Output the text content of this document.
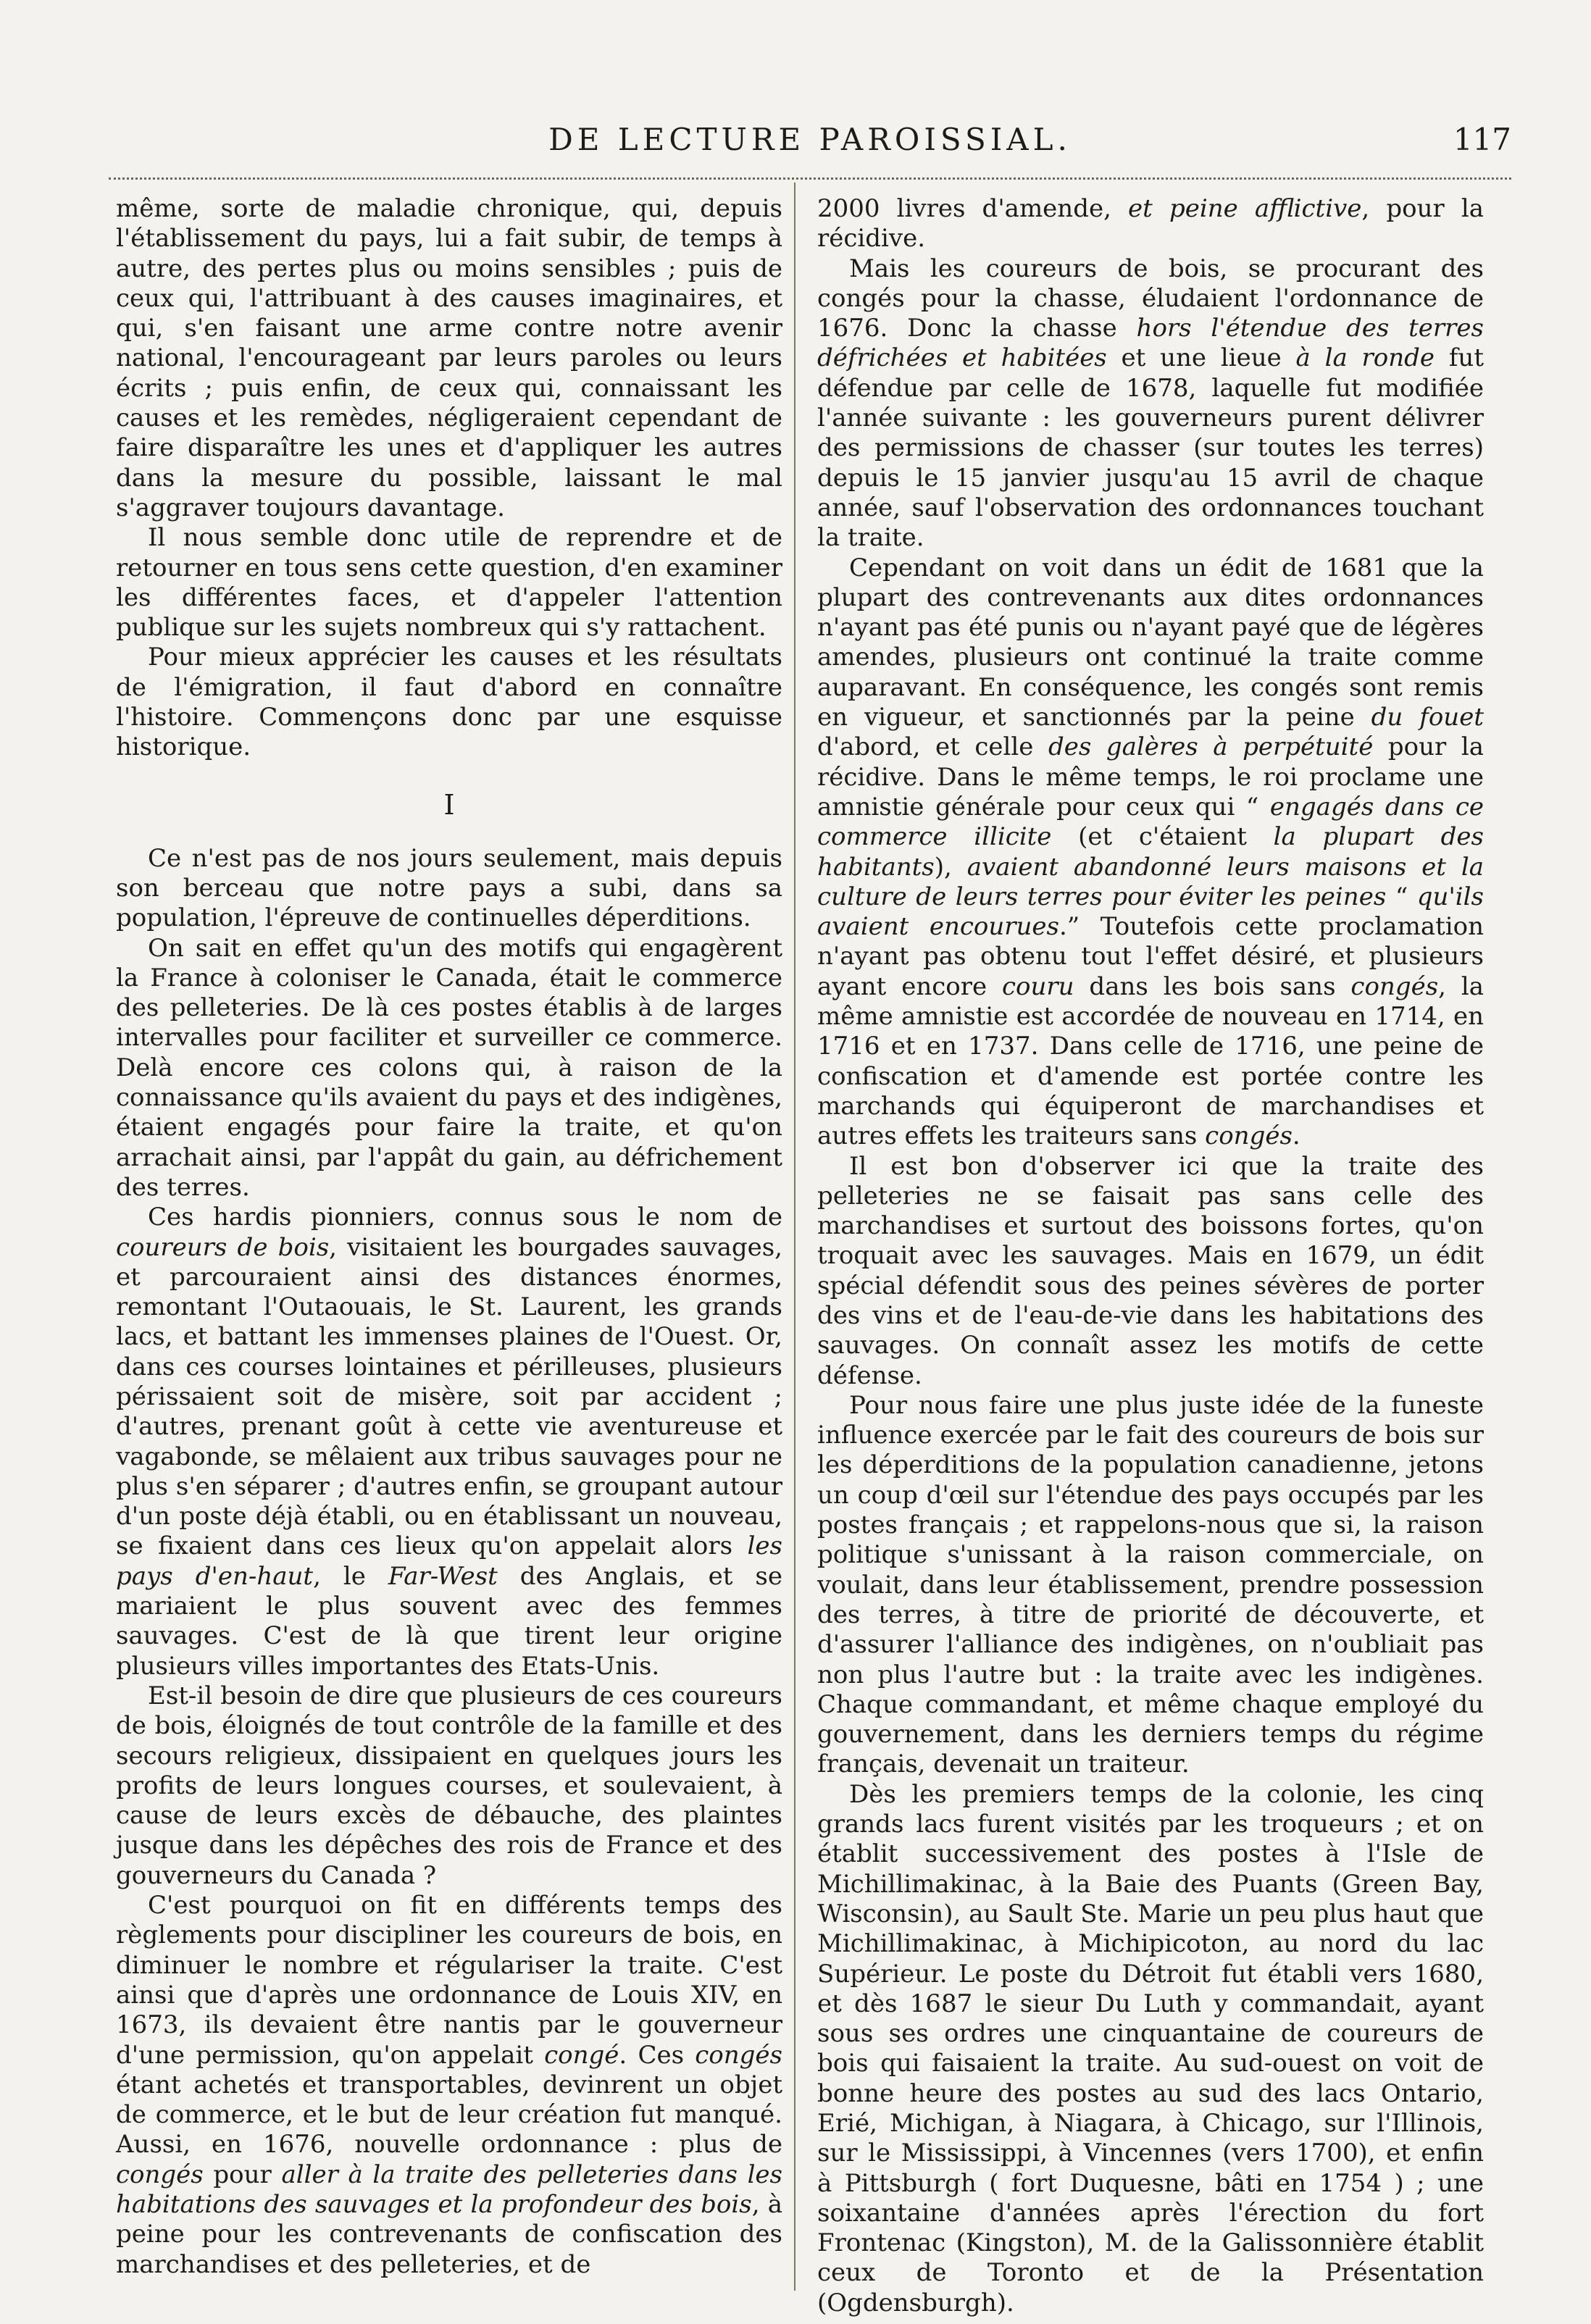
DE LECTURE PAROISSIAL.	117

même, sorte de maladie chronique, qui, depuis l'établissement du pays, lui a fait subir, de temps à autre, des pertes plus ou moins sensibles ; puis de ceux qui, l'attribuant à des causes imaginaires, et qui, s'en faisant une arme contre notre avenir national, l'encourageant par leurs paroles ou leurs écrits ; puis enfin, de ceux qui, connaissant les causes et les remèdes, négligeraient cependant de faire disparaître les unes et d'appliquer les autres dans la mesure du possible, laissant le mal s'aggraver toujours davantage.

Il nous semble donc utile de reprendre et de retourner en tous sens cette question, d'en examiner les différentes faces, et d'appeler l'attention publique sur les sujets nombreux qui s'y rattachent.

Pour mieux apprécier les causes et les résultats de l'émigration, il faut d'abord en connaître l'histoire. Commençons donc par une esquisse historique.

I

Ce n'est pas de nos jours seulement, mais depuis son berceau que notre pays a subi, dans sa population, l'épreuve de continuelles déperditions.

On sait en effet qu'un des motifs qui engagèrent la France à coloniser le Canada, était le commerce des pelleteries. De là ces postes établis à de larges intervalles pour faciliter et surveiller ce commerce. Delà encore ces colons qui, à raison de la connaissance qu'ils avaient du pays et des indigènes, étaient engagés pour faire la traite, et qu'on arrachait ainsi, par l'appât du gain, au défrichement des terres.

Ces hardis pionniers, connus sous le nom de coureurs de bois, visitaient les bourgades sauvages, et parcouraient ainsi des distances énormes, remontant l'Outaouais, le St. Laurent, les grands lacs, et battant les immenses plaines de l'Ouest. Or, dans ces courses lointaines et périlleuses, plusieurs périssaient soit de misère, soit par accident ; d'autres, prenant goût à cette vie aventureuse et vagabonde, se mêlaient aux tribus sauvages pour ne plus s'en séparer ; d'autres enfin, se groupant autour d'un poste déjà établi, ou en établissant un nouveau, se fixaient dans ces lieux qu'on appelait alors les pays d'en-haut, le Far-West des Anglais, et se mariaient le plus souvent avec des femmes sauvages. C'est de là que tirent leur origine plusieurs villes importantes des Etats-Unis.

Est-il besoin de dire que plusieurs de ces coureurs de bois, éloignés de tout contrôle de la famille et des secours religieux, dissipaient en quelques jours les profits de leurs longues courses, et soulevaient, à cause de leurs excès de débauche, des plaintes jusque dans les dépêches des rois de France et des gouverneurs du Canada ?

C'est pourquoi on fit en différents temps des règlements pour discipliner les coureurs de bois, en diminuer le nombre et régulariser la traite. C'est ainsi que d'après une ordonnance de Louis XIV, en 1673, ils devaient être nantis par le gouverneur d'une permission, qu'on appelait congé. Ces congés étant achetés et transportables, devinrent un objet de commerce, et le but de leur création fut manqué. Aussi, en 1676, nouvelle ordonnance : plus de congés pour aller à la traite des pelleteries dans les habitations des sauvages et la profondeur des bois, à peine pour les contrevenants de confiscation des marchandises et des pelleteries, et de

2000 livres d'amende, et peine afflictive, pour la récidive.

Mais les coureurs de bois, se procurant des congés pour la chasse, éludaient l'ordonnance de 1676. Donc la chasse hors l'étendue des terres défrichées et habitées et une lieue à la ronde fut défendue par celle de 1678, laquelle fut modifiée l'année suivante : les gouverneurs purent délivrer des permissions de chasser (sur toutes les terres) depuis le 15 janvier jusqu'au 15 avril de chaque année, sauf l'observation des ordonnances touchant la traite.

Cependant on voit dans un édit de 1681 que la plupart des contrevenants aux dites ordonnances n'ayant pas été punis ou n'ayant payé que de légères amendes, plusieurs ont continué la traite comme auparavant. En conséquence, les congés sont remis en vigueur, et sanctionnés par la peine du fouet d'abord, et celle des galères à perpétuité pour la récidive. Dans le même temps, le roi proclame une amnistie générale pour ceux qui “ engagés dans ce commerce illicite (et c'étaient la plupart des habitants), avaient abandonné leurs maisons et la culture de leurs terres pour éviter les peines “ qu'ils avaient encourues.” Toutefois cette proclamation n'ayant pas obtenu tout l'effet désiré, et plusieurs ayant encore couru dans les bois sans congés, la même amnistie est accordée de nouveau en 1714, en 1716 et en 1737. Dans celle de 1716, une peine de confiscation et d'amende est portée contre les marchands qui équiperont de marchandises et autres effets les traiteurs sans congés.

Il est bon d'observer ici que la traite des pelleteries ne se faisait pas sans celle des marchandises et surtout des boissons fortes, qu'on troquait avec les sauvages. Mais en 1679, un édit spécial défendit sous des peines sévères de porter des vins et de l'eau-de-vie dans les habitations des sauvages. On connaît assez les motifs de cette défense.

Pour nous faire une plus juste idée de la funeste influence exercée par le fait des coureurs de bois sur les déperditions de la population canadienne, jetons un coup d'œil sur l'étendue des pays occupés par les postes français ; et rappelons-nous que si, la raison politique s'unissant à la raison commerciale, on voulait, dans leur établissement, prendre possession des terres, à titre de priorité de découverte, et d'assurer l'alliance des indigènes, on n'oubliait pas non plus l'autre but : la traite avec les indigènes. Chaque commandant, et même chaque employé du gouvernement, dans les derniers temps du régime français, devenait un traiteur.

Dès les premiers temps de la colonie, les cinq grands lacs furent visités par les troqueurs ; et on établit successivement des postes à l'Isle de Michillimakinac, à la Baie des Puants (Green Bay, Wisconsin), au Sault Ste. Marie un peu plus haut que Michillimakinac, à Michipicoton, au nord du lac Supérieur. Le poste du Détroit fut établi vers 1680, et dès 1687 le sieur Du Luth y commandait, ayant sous ses ordres une cinquantaine de coureurs de bois qui faisaient la traite. Au sud-ouest on voit de bonne heure des postes au sud des lacs Ontario, Erié, Michigan, à Niagara, à Chicago, sur l'Illinois, sur le Mississippi, à Vincennes (vers 1700), et enfin à Pittsburgh ( fort Duquesne, bâti en 1754 ) ; une soixantaine d'années après l'érection du fort Frontenac (Kingston), M. de la Galissonnière établit ceux de Toronto et de la Présentation (Ogdensburgh).
